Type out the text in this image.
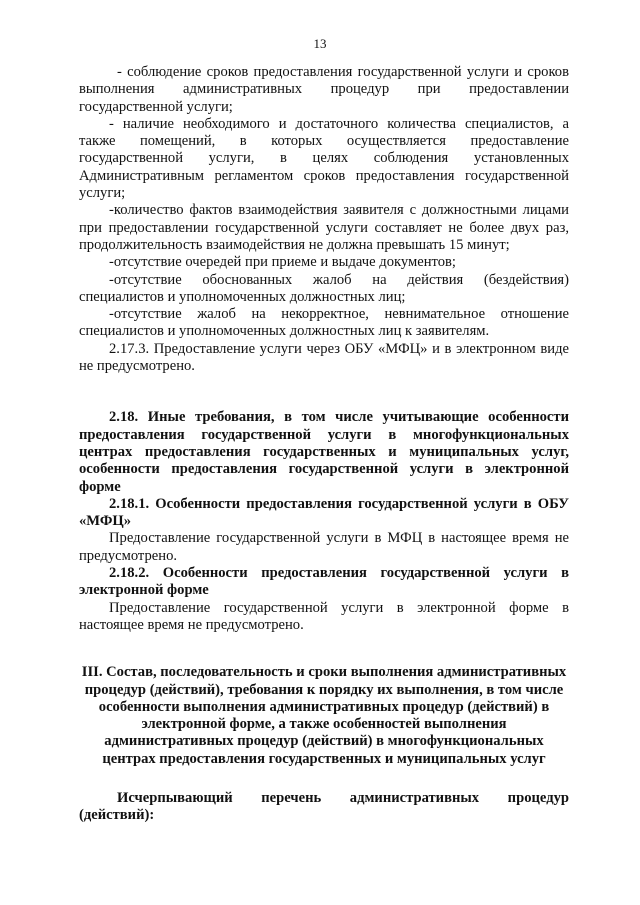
13

- соблюдение сроков предоставления государственной услуги и сроков выполнения административных процедур при предоставлении государственной услуги;

- наличие необходимого и достаточного количества специалистов, а также помещений, в которых осуществляется предоставление государственной услуги, в целях соблюдения установленных Административным регламентом сроков предоставления государственной услуги;

-количество фактов взаимодействия заявителя с должностными лицами при предоставлении государственной услуги составляет не более двух раз, продолжительность взаимодействия не должна превышать 15 минут;

-отсутствие очередей при приеме и выдаче документов;

-отсутствие обоснованных жалоб на действия (бездействия) специалистов и уполномоченных должностных лиц;

-отсутствие жалоб на некорректное, невнимательное отношение специалистов и уполномоченных должностных лиц к заявителям.

2.17.3. Предоставление услуги через ОБУ «МФЦ» и в электронном виде не предусмотрено.

2.18. Иные требования, в том числе учитывающие особенности предоставления государственной услуги в многофункциональных центрах предоставления государственных и муниципальных услуг, особенности предоставления государственной услуги в электронной форме

2.18.1. Особенности предоставления государственной услуги в ОБУ «МФЦ»

Предоставление государственной услуги в МФЦ в настоящее время не предусмотрено.

2.18.2. Особенности предоставления государственной услуги в электронной форме

Предоставление государственной услуги в электронной форме в настоящее время не предусмотрено.

III. Состав, последовательность и сроки выполнения административных процедур (действий), требования к порядку их выполнения, в том числе особенности выполнения административных процедур (действий) в электронной форме, а также особенностей выполнения административных процедур (действий) в многофункциональных центрах предоставления государственных и муниципальных услуг

Исчерпывающий перечень административных процедур (действий):
